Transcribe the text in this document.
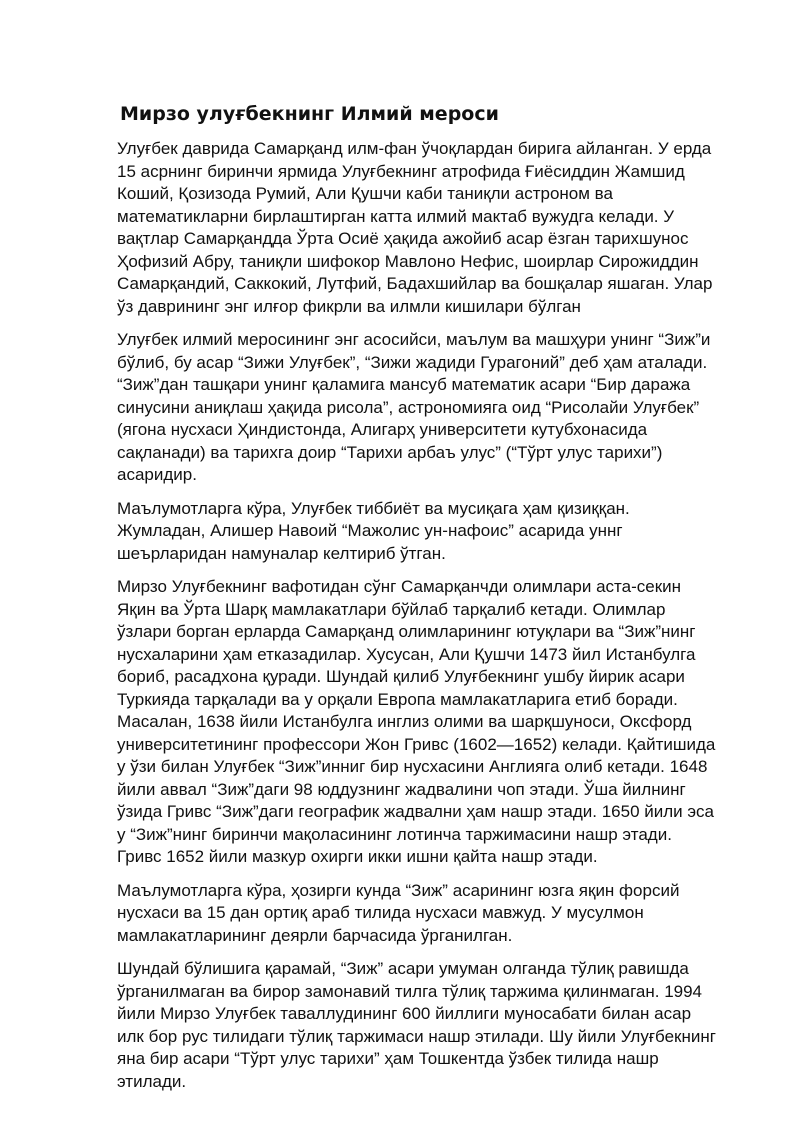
Мирзо улуғбекнинг Илмий мероси

Улуғбек даврида Самарқанд илм-фан ўчоқлардан бирига айланган. У ерда 15 асрнинг биринчи ярмида Улуғбекнинг атрофида Ғиёсиддин Жамшид Коший, Қозизода Румий, Али Қушчи каби таниқли астроном ва математикларни бирлаштирган катта илмий мактаб вужудга келади. У вақтлар Самарқандда Ўрта Осиё ҳақида ажойиб асар ёзган тарихшунос Ҳофизий Абру, таниқли шифокор Мавлоно Нефис, шоирлар Сирожиддин Самарқандий, Саккокий, Лутфий, Бадахшийлар ва бошқалар яшаган. Улар ўз даврининг энг илғор фикрли ва илмли кишилари бўлган

Улуғбек илмий меросининг энг асосийси, маълум ва машҳури унинг “Зиж”и бўлиб, бу асар “Зижи Улуғбек”, “Зижи жадиди Гурагоний” деб ҳам аталади. “Зиж”дан ташқари унинг қаламига мансуб математик асари “Бир даража синусини аниқлаш ҳақида рисола”, астрономияга оид “Рисолайи Улуғбек” (ягона нусхаси Ҳиндистонда, Алигарҳ университети кутубхонасида сақланади) ва тарихга доир “Тарихи арбаъ улус” (“Тўрт улус тарихи”) асаридир.

Маълумотларга кўра, Улуғбек тиббиёт ва мусиқага ҳам қизиққан. Жумладан, Алишер Навоий “Мажолис ун-нафоис” асарида уннг шеърларидан намуналар келтириб ўтган.

Мирзо Улуғбекнинг вафотидан сўнг Самарқанчди олимлари аста-секин Яқин ва Ўрта Шарқ мамлакатлари бўйлаб тарқалиб кетади. Олимлар ўзлари борган ерларда Самарқанд олимларининг ютуқлари ва “Зиж”нинг нусхаларини ҳам етказадилар. Хусусан, Али Қушчи 1473 йил Истанбулга бориб, расадхона қуради. Шундай қилиб Улуғбекнинг ушбу йирик асари Туркияда тарқалади ва у орқали Европа мамлакатларига етиб боради. Масалан, 1638 йили Истанбулга инглиз олими ва шарқшуноси, Оксфорд университетининг профессори Жон Гривс (1602—1652) келади. Қайтишида у ўзи билан Улуғбек “Зиж”инниг бир нусхасини Англияга олиб кетади. 1648 йили аввал “Зиж”даги 98 юддузнинг жадвалини чоп этади. Ўша йилнинг ўзида Гривс “Зиж”даги географик жадвални ҳам нашр этади. 1650 йили эса у “Зиж”нинг биринчи мақоласининг лотинча таржимасини нашр этади. Гривс 1652 йили мазкур охирги икки ишни қайта нашр этади.

Маълумотларга кўра, ҳозирги кунда “Зиж” асарининг юзга яқин форсий нусхаси ва 15 дан ортиқ араб тилида нусхаси мавжуд. У мусулмон мамлакатларининг деярли барчасида ўрганилган.

Шундай бўлишига қарамай, “Зиж” асари умуман олганда тўлиқ равишда ўрганилмаган ва бирор замонавий тилга тўлиқ таржима қилинмаган. 1994 йили Мирзо Улуғбек таваллудининг 600 йиллиги муносабати билан асар илк бор рус тилидаги тўлиқ таржимаси нашр этилади. Шу йили Улуғбекнинг яна бир асари “Тўрт улус тарихи” ҳам Тошкентда ўзбек тилида нашр этилади.
